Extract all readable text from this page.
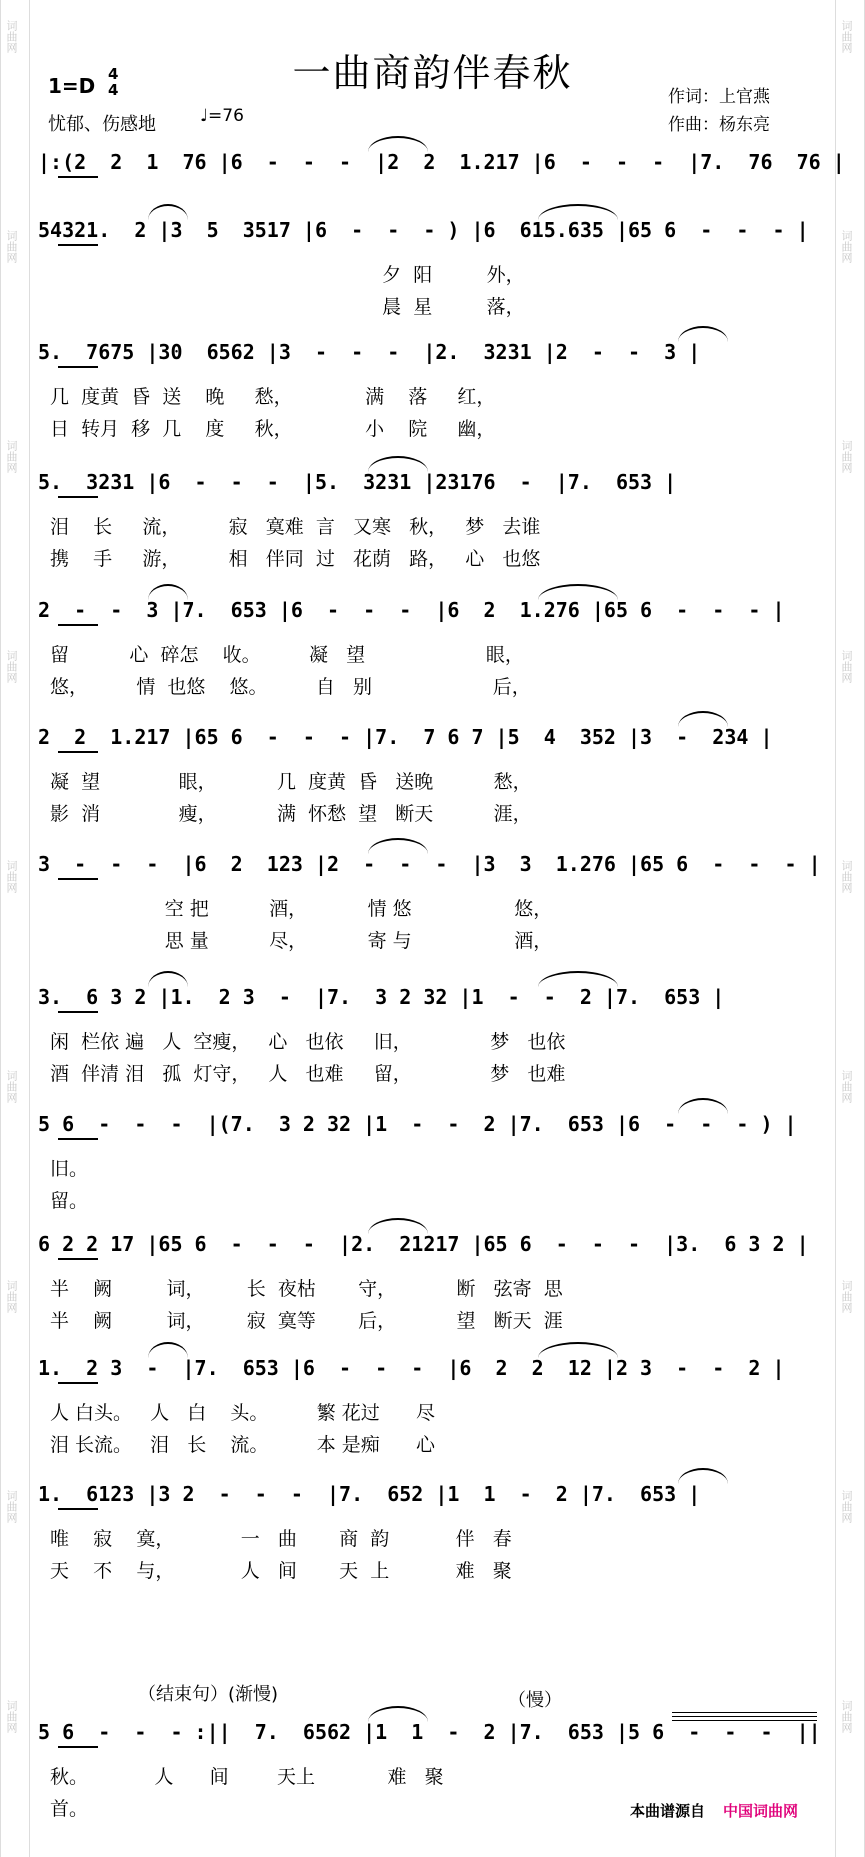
词曲网
词曲网
词曲网
词曲网
词曲网
词曲网
词曲网
词曲网
词曲网
词曲网
词曲网
词曲网
词曲网
词曲网
词曲网
词曲网
词曲网
词曲网
一曲商韵伴春秋
1=D 4
4
忧郁、伤感地	♩=76
作词：上官燕
作曲：杨东亮
|:(2  2  1  76 |6  -  -  -  |2  2  1.217 |6  -  -  -  |7.  76  76 |
54321.  2 |3  5  3517 |6  -  -  - ) |6  615.635 |65 6  -  -  - |
夕  阳         外，
晨  星         落，
5.  7675 |30  6562 |3  -  -  -  |2.  3231 |2  -  -  3 |
几  度黄  昏  送    晚     愁，            满    落     红，
日  转月  移  几    度     秋，            小    院     幽，
5.  3231 |6  -  -  -  |5.  3231 |23176  -  |7.  653 |
泪    长     流，        寂   寞难  言   又寒   秋，   梦   去谁
携    手     游，        相   伴同  过   花荫   路，   心   也悠
2  -  -  3 |7.  653 |6  -  -  -  |6  2  1.276 |65 6  -  -  - |
留          心  碎怎    收。        凝   望                    眼，
悠，        情  也悠    悠。        自   别                    后，
2  2  1.217 |65 6  -  -  - |7.  7 6 7 |5  4  352 |3  -  234 |
凝  望             眼，          几  度黄  昏   送晚          愁，
影  消             瘦，          满  怀愁  望   断天          涯，
3  -  -  -  |6  2  123 |2  -  -  -  |3  3  1.276 |65 6  -  -  - |
空 把          酒，          情 悠                 悠，
思 量          尽，          寄 与                 酒，
3.  6 3 2 |1.  2 3  -  |7.  3 2 32 |1  -  -  2 |7.  653 |
闲  栏依 遍   人  空瘦，   心   也依     旧，             梦   也依
酒  伴清 泪   孤  灯守，   人   也难     留，             梦   也难
5 6  -  -  -  |(7.  3 2 32 |1  -  -  2 |7.  653 |6  -  -  - ) |
旧。
留。
6 2 2 17 |65 6  -  -  -  |2.  21217 |65 6  -  -  -  |3.  6 3 2 |
半    阙         词，       长  夜枯       守，          断   弦寄  思
半    阙         词，       寂  寞等       后，          望   断天  涯
1.  2 3  -  |7.  653 |6  -  -  -  |6  2  2  12 |2 3  -  -  2 |
人 白头。   人   白    头。        繁 花过      尽
泪 长流。   泪   长    流。        本 是痴      心
1.  6123 |3 2  -  -  -  |7.  652 |1  1  -  2 |7.  653 |
唯    寂    寞，           一   曲       商  韵           伴   春
天    不    与，           人   间       天  上           难   聚
5 6  -  -  - :||  7.  6562 |1  1  -  2 |7.  653 |5 6  -  -  -  ||
秋。           人      间        天上            难   聚
首。
（结束句）(渐慢)	（慢）
本曲谱源自 中国词曲网
